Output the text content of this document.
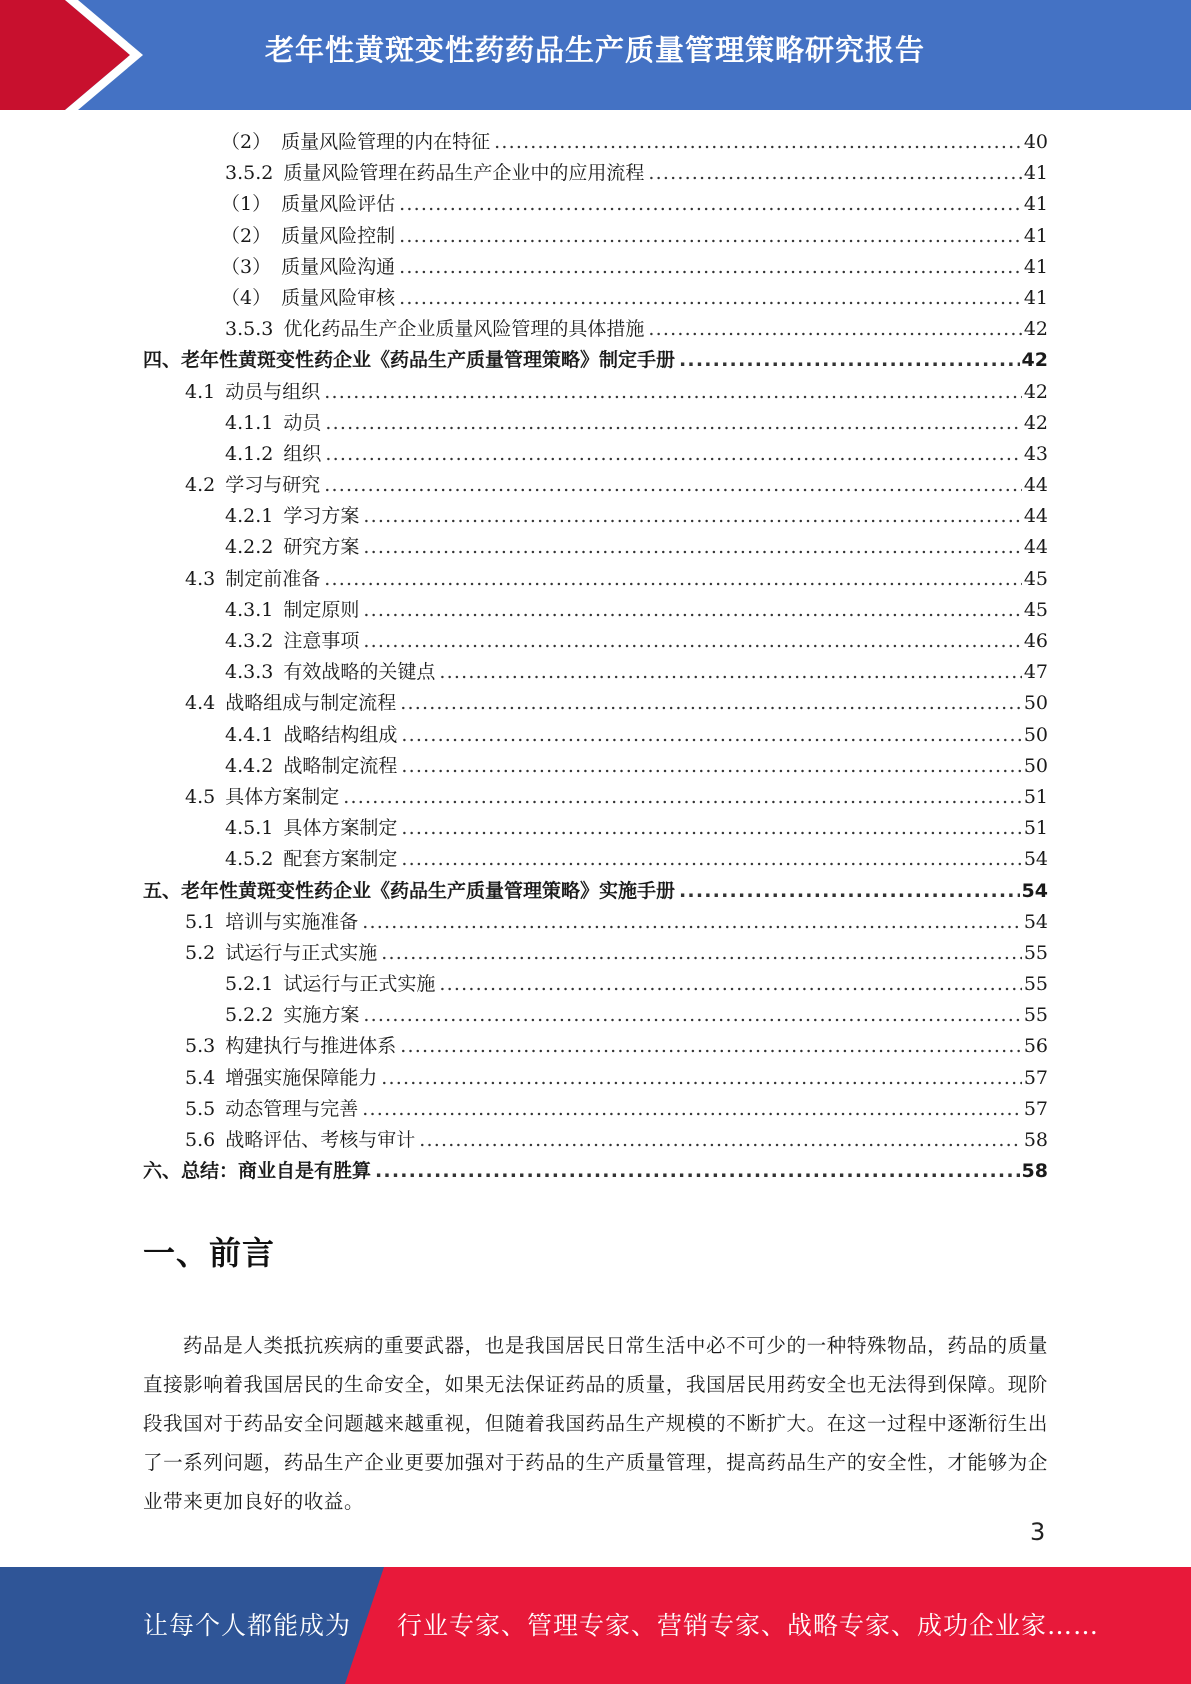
老年性黄斑变性药药品生产质量管理策略研究报告
（2） 质量风险管理的内在特征 .....	40
3.5.2 质量风险管理在药品生产企业中的应用流程 .....	41
（1） 质量风险评估 .....	41
（2） 质量风险控制 .....	41
（3） 质量风险沟通 .....	41
（4） 质量风险审核 .....	41
3.5.3 优化药品生产企业质量风险管理的具体措施 .....	42
四、老年性黄斑变性药企业《药品生产质量管理策略》制定手册 .....	42
4.1 动员与组织 .....	42
4.1.1 动员 .....	42
4.1.2 组织 .....	43
4.2 学习与研究 .....	44
4.2.1 学习方案 .....	44
4.2.2 研究方案 .....	44
4.3 制定前准备 .....	45
4.3.1 制定原则 .....	45
4.3.2 注意事项 .....	46
4.3.3 有效战略的关键点 .....	47
4.4 战略组成与制定流程 .....	50
4.4.1 战略结构组成 .....	50
4.4.2 战略制定流程 .....	50
4.5 具体方案制定 .....	51
4.5.1 具体方案制定 .....	51
4.5.2 配套方案制定 .....	54
五、老年性黄斑变性药企业《药品生产质量管理策略》实施手册 .....	54
5.1 培训与实施准备 .....	54
5.2 试运行与正式实施 .....	55
5.2.1 试运行与正式实施 .....	55
5.2.2 实施方案 .....	55
5.3 构建执行与推进体系 .....	56
5.4 增强实施保障能力 .....	57
5.5 动态管理与完善 .....	57
5.6 战略评估、考核与审计 .....	58
六、总结：商业自是有胜算 .....	58
一、前言
药品是人类抵抗疾病的重要武器，也是我国居民日常生活中必不可少的一种特殊物品，药品的质量直接影响着我国居民的生命安全，如果无法保证药品的质量，我国居民用药安全也无法得到保障。现阶段我国对于药品安全问题越来越重视，但随着我国药品生产规模的不断扩大。在这一过程中逐渐衍生出了一系列问题，药品生产企业更要加强对于药品的生产质量管理，提高药品生产的安全性，才能够为企业带来更加良好的收益。
3
让每个人都能成为 行业专家、管理专家、营销专家、战略专家、成功企业家……
